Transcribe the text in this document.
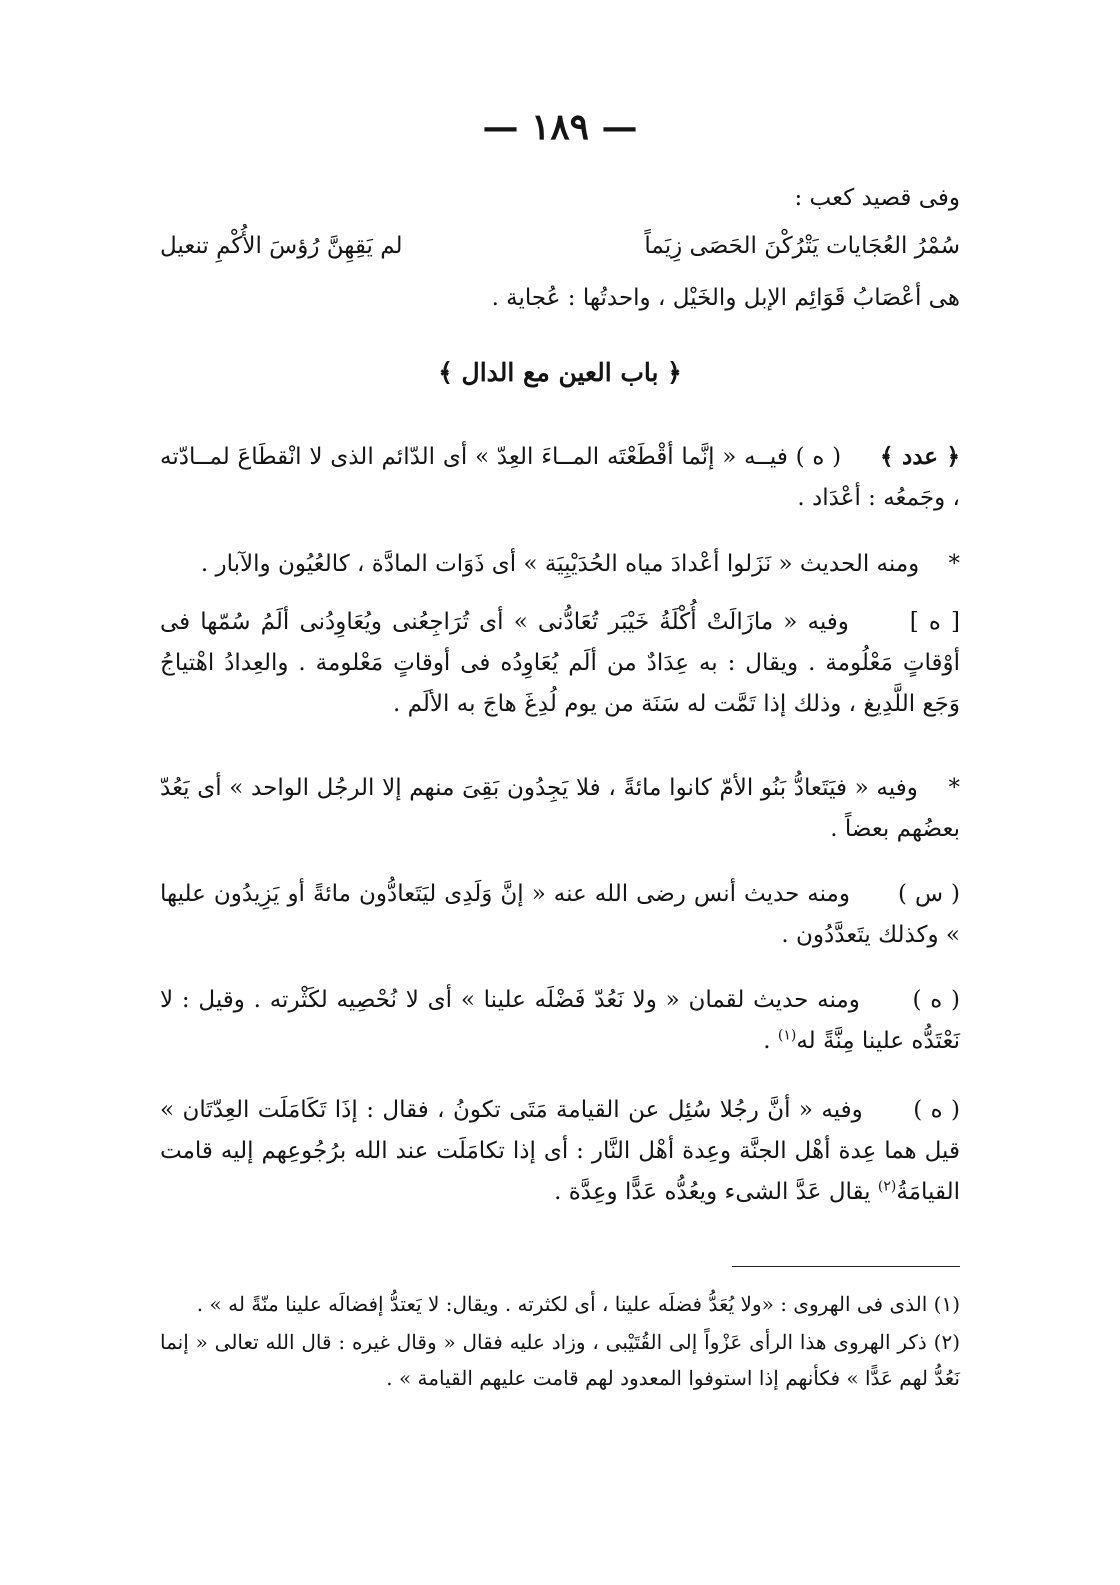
— ١٨٩ —
وفى قصيد كعب :
سُمْرُ العُجَايات يَتْرُكْنَ الحَصَى زِيَماً
لم يَقِهِنَّ رُؤسَ الأُكْمِ تنعيل
هى أعْصَابُ قَوَائِم الإبل والخَيْل ، واحدتُها : عُجاية .
﴿ باب العين مع الدال ﴾
﴿ عدد ﴾     ( ه ) فيــه « إنَّما أقْطَعْتَه المــاءَ العِدّ » أى الدّائم الذى لا انْقطَاعَ لمــادّته ، وجَمعُه : أعْدَاد .
*    ومنه الحديث « نَزَلوا أعْدادَ مياه الحُدَيْبِيَة » أى ذَوَات المادَّة ، كالعُيُون والآبار .
[ ه ]      وفيه « مازَالَتْ أُكْلَةُ خَيْبَر تُعَادُّنى » أى تُرَاجِعُنى ويُعَاوِدُنى ألَمُ سُمّها فى أوْقاتٍ مَعْلُومة . ويقال : به عِدَادٌ من ألَم يُعَاوِدُه فى أوقاتٍ مَعْلومة . والعِدادُ اهْتياجُ وَجَع اللَّدِيغ ، وذلك إذا تَمَّت له سَنَة من يوم لُدِغَ هاجَ به الألَم .
*    وفيه « فيَتَعادُّ بَنُو الأمّ كانوا مائةً ، فلا يَجِدُون بَقِىَ منهم إلا الرجُل الواحد » أى يَعُدّ بعضُهم بعضاً .
( س )      ومنه حديث أنس رضى الله عنه « إنَّ وَلَدِى ليَتَعادُّون مائةً أو يَزِيدُون عليها » وكذلك يتَعدَّدُون .
( ه )      ومنه حديث لقمان « ولا نَعُدّ فَضْلَه علينا » أى لا نُحْصِيه لكَثْرته . وقيل : لا نَعْتَدُّه علينا مِنَّةً له$^{(١)}$ .
( ه )      وفيه « أنَّ رجُلا سُئِل عن القيامة مَتَى تكونُ ، فقال : إذَا تَكَامَلَت العِدّتَان » قيل هما عِدة أهْل الجنَّة وعِدة أهْل النَّار : أى إذا تكامَلَت عند الله برُجُوعِهم إليه قامت القيامَةُ$^{(٢)}$ يقال عَدَّ الشىء ويعُدُّه عَدًّا وعِدَّة .
(١) الذى فى الهروى : «ولا يُعَدُّ فضلَه علينا ، أى لكثرته . ويقال: لا يَعتدُّ إفضالَه علينا منّةً له » .
(٢) ذكر الهروى هذا الرأى عَزْواً إلى القُتَيْبى ، وزاد عليه فقال « وقال غيره : قال الله تعالى « إنما نَعُدُّ لهم عَدًّا » فكأنهم إذا استوفوا المعدود لهم قامت عليهم القيامة » .
